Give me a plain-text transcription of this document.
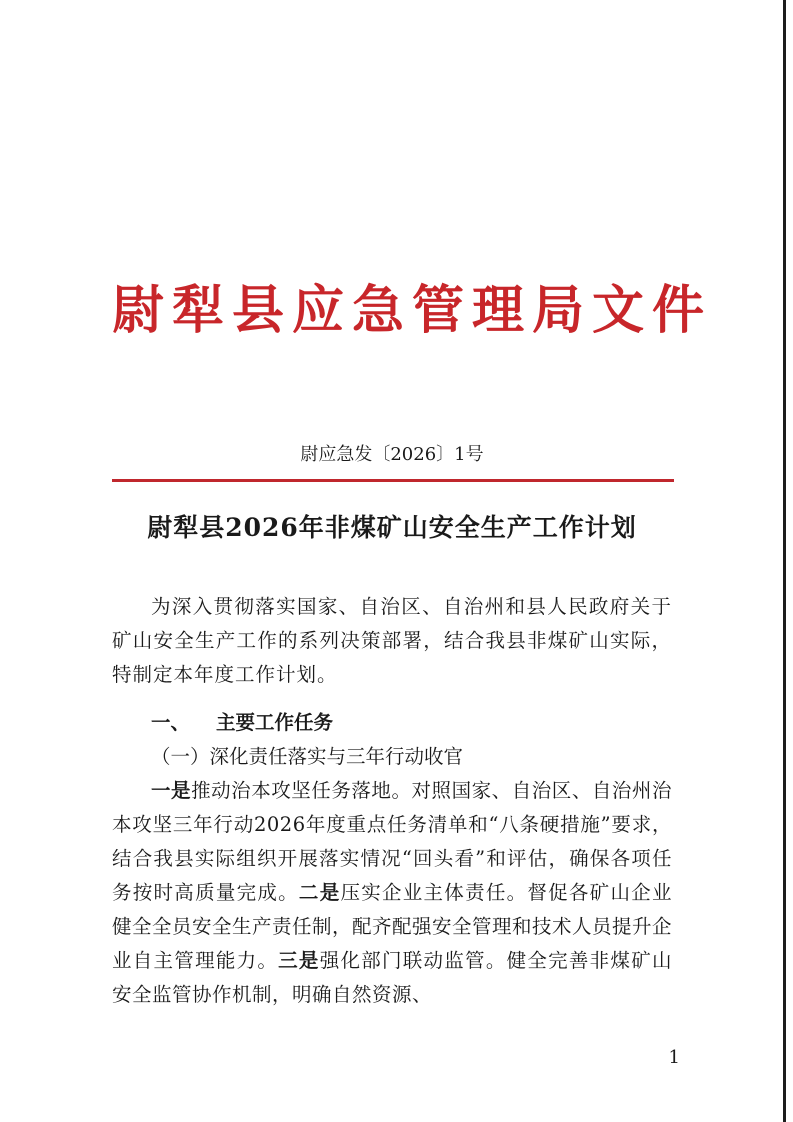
尉犁县应急管理局文件
尉应急发〔2026〕1号
尉犁县2026年非煤矿山安全生产工作计划

为深入贯彻落实国家、自治区、自治州和县人民政府关于矿山安全生产工作的系列决策部署，结合我县非煤矿山实际，特制定本年度工作计划。

一、 主要工作任务
（一）深化责任落实与三年行动收官

一是推动治本攻坚任务落地。对照国家、自治区、自治州治本攻坚三年行动2026年度重点任务清单和“八条硬措施”要求，结合我县实际组织开展落实情况“回头看”和评估，确保各项任务按时高质量完成。二是压实企业主体责任。督促各矿山企业健全全员安全生产责任制，配齐配强安全管理和技术人员提升企业自主管理能力。三是强化部门联动监管。健全完善非煤矿山安全监管协作机制，明确自然资源、

1
